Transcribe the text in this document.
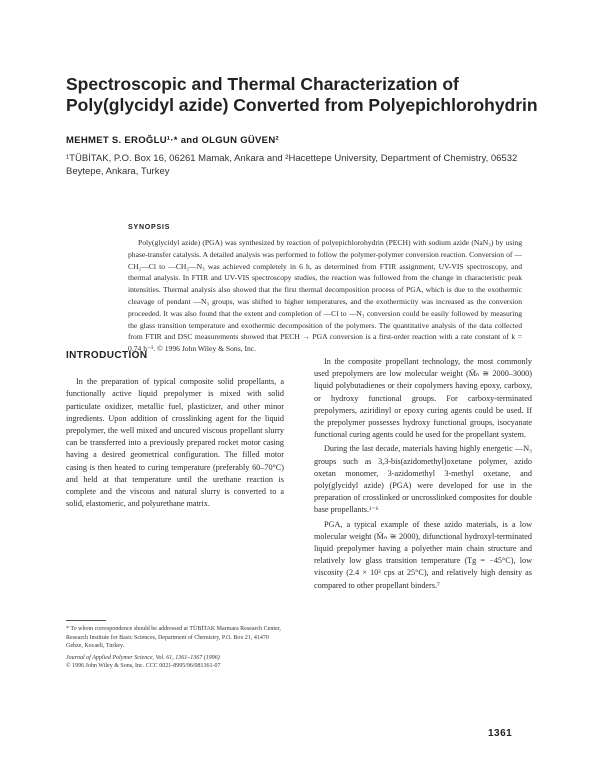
Spectroscopic and Thermal Characterization of Poly(glycidyl azide) Converted from Polyepichlorohydrin
MEHMET S. EROĞLU¹·* and OLGUN GÜVEN²
¹TÜBİTAK, P.O. Box 16, 06261 Mamak, Ankara and ²Hacettepe University, Department of Chemistry, 06532 Beytepe, Ankara, Turkey
SYNOPSIS

Poly(glycidyl azide) (PGA) was synthesized by reaction of polyepichlorohydrin (PECH) with sodium azide (NaN₃) by using phase-transfer catalysis. A detailed analysis was performed to follow the polymer-polymer conversion reaction. Conversion of —CH₂—Cl to —CH₂—N₃ was achieved completely in 6 h, as determined from FTIR assignment, UV-VIS spectroscopy, and thermal analysis. In FTIR and UV-VIS spectroscopy studies, the reaction was followed from the change in characteristic peak intensities. Thermal analysis also showed that the first thermal decomposition process of PGA, which is due to the exothermic cleavage of pendant —N₃ groups, was shifted to higher temperatures, and the exothermicity was increased as the conversion proceeded. It was also found that the extent and completion of —Cl to —N₃ conversion could be easily followed by measuring the glass transition temperature and exothermic decomposition of the polymers. The quantitative analysis of the data collected from FTIR and DSC measurements showed that PECH → PGA conversion is a first-order reaction with a rate constant of k = 0.74 h⁻¹. © 1996 John Wiley & Sons, Inc.

INTRODUCTION

In the preparation of typical composite solid propellants, a functionally active liquid prepolymer is mixed with solid particulate oxidizer, metallic fuel, plasticizer, and other minor ingredients. Upon addition of crosslinking agent for the liquid prepolymer, the well mixed and uncured viscous propellant slurry can be transferred into a previously prepared rocket motor casing having a desired geometrical configuration. The filled motor casing is then heated to curing temperature (preferably 60–70°C) and held at that temperature until the urethane reaction is complete and the viscous and natural slurry is converted to a solid, elastomeric, and polyurethane matrix.

In the composite propellant technology, the most commonly used prepolymers are low molecular weight (M̄ₙ ≅ 2000–3000) liquid polybutadienes or their copolymers having epoxy, carboxy, or hydroxy functional groups. For carboxy-terminated prepolymers, aziridinyl or epoxy curing agents could be used. If the prepolymer possesses hydroxy functional groups, isocyanate functional curing agents could be used for the propellant system.

During the last decade, materials having highly energetic —N₃ groups such as 3,3-bis(azidomethyl)oxetane polymer, azido oxetan monomer, 3-azidomethyl 3-methyl oxetane, and poly(glycidyl azide) (PGA) were developed for use in the preparation of crosslinked or uncrosslinked composites for double base propellants.¹⁻⁶

PGA, a typical example of these azido materials, is a low molecular weight (M̄ₙ ≅ 2000), difunctional hydroxyl-terminated liquid prepolymer having a polyether main chain structure and relatively low glass transition temperature (Tg = −45°C), low viscosity (2.4 × 10³ cps at 25°C), and relatively high density as compared to other propellant binders.⁷

* To whom correspondence should be addressed at TÜBİTAK Marmara Research Center, Research Institute for Basic Sciences, Department of Chemistry, P.O. Box 21, 41470 Gebze, Kocaeli, Turkey.

Journal of Applied Polymer Science, Vol. 61, 1361–1367 (1996)

© 1996 John Wiley & Sons, Inc. CCC 0021-8995/96/081361-07

1361
